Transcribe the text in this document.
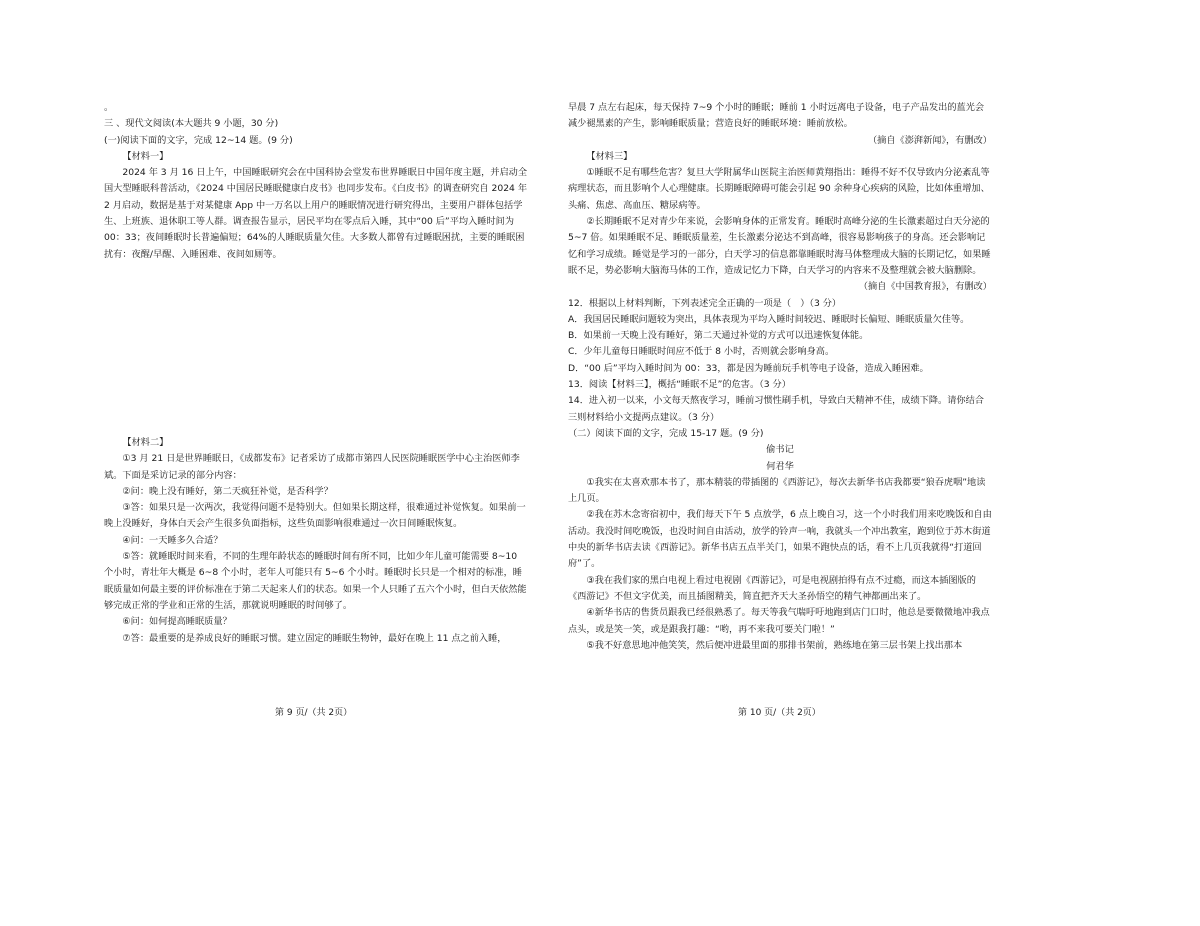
。

三 、现代文阅读(本大题共 9 小题，30 分)

(一)阅读下面的文字，完成 12~14 题。(9 分)

【材料一】

2024 年 3 月 16 日上午，中国睡眠研究会在中国科协会堂发布世界睡眠日中国年度主题，并启动全国大型睡眠科普活动，《2024 中国居民睡眠健康白皮书》也同步发布。《白皮书》的调查研究自 2024 年 2 月启动，数据是基于对某健康 App 中一万名以上用户的睡眠情况进行研究得出，主要用户群体包括学生、上班族、退休职工等人群。调查报告显示，居民平均在零点后入睡，其中“00 后”平均入睡时间为 00：33；夜间睡眠时长普遍偏短；64%的人睡眠质量欠佳。大多数人都曾有过睡眠困扰，主要的睡眠困扰有：夜醒/早醒、入睡困难、夜间如厕等。

【材料二】

①3 月 21 日是世界睡眠日，《成都发布》记者采访了成都市第四人民医院睡眠医学中心主治医师李斌。下面是采访记录的部分内容：

②问：晚上没有睡好，第二天疯狂补觉，是否科学？

③答：如果只是一次两次，我觉得问题不是特别大。但如果长期这样，很难通过补觉恢复。如果前一晚上没睡好，身体白天会产生很多负面指标，这些负面影响很难通过一次日间睡眠恢复。

④问：一天睡多久合适？

⑤答：就睡眠时间来看，不同的生理年龄状态的睡眠时间有所不同，比如少年儿童可能需要 8~10 个小时，青壮年大概是 6~8 个小时，老年人可能只有 5~6 个小时。睡眠时长只是一个相对的标准，睡眠质量如何最主要的评价标准在于第二天起来人们的状态。如果一个人只睡了五六个小时，但白天依然能够完成正常的学业和正常的生活，那就说明睡眠的时间够了。

⑥问：如何提高睡眠质量？

⑦答：最重要的是养成良好的睡眠习惯。建立固定的睡眠生物钟，最好在晚上 11 点之前入睡，

早晨 7 点左右起床，每天保持 7~9 个小时的睡眠；睡前 1 小时远离电子设备，电子产品发出的蓝光会减少褪黑素的产生，影响睡眠质量；营造良好的睡眠环境：睡前放松。

（摘自《澎湃新闻》，有删改）

【材料三】

①睡眠不足有哪些危害？复旦大学附属华山医院主治医师黄翔指出：睡得不好不仅导致内分泌紊乱等病理状态，而且影响个人心理健康。长期睡眠障碍可能会引起 90 余种身心疾病的风险，比如体重增加、头痛、焦虑、高血压、糖尿病等。

②长期睡眠不足对青少年来说，会影响身体的正常发育。睡眠时高峰分泌的生长激素超过白天分泌的 5~7 倍。如果睡眠不足、睡眠质量差，生长激素分泌达不到高峰，很容易影响孩子的身高。还会影响记忆和学习成绩。睡觉是学习的一部分，白天学习的信息都靠睡眠时海马体整理成大脑的长期记忆，如果睡眠不足，势必影响大脑海马体的工作，造成记忆力下降，白天学习的内容来不及整理就会被大脑删除。

（摘自《中国教育报》，有删改）

12．根据以上材料判断，下列表述完全正确的一项是（　）（3 分）

A．我国居民睡眠问题较为突出，具体表现为平均入睡时间较迟、睡眠时长偏短、睡眠质量欠佳等。

B．如果前一天晚上没有睡好，第二天通过补觉的方式可以迅速恢复体能。

C．少年儿童每日睡眠时间应不低于 8 小时，否则就会影响身高。

D．“00 后”平均入睡时间为 00：33，都是因为睡前玩手机等电子设备，造成入睡困难。

13．阅读【材料三】，概括“睡眠不足”的危害。（3 分）

14．进入初一以来，小文每天熬夜学习，睡前习惯性刷手机，导致白天精神不佳，成绩下降。请你结合三则材料给小文提两点建议。（3 分）

（二）阅读下面的文字，完成 15-17 题。(9 分)

偷书记

何君华

①我实在太喜欢那本书了，那本精装的带插图的《西游记》，每次去新华书店我都要“狼吞虎咽”地读上几页。

②我在苏木念寄宿初中，我们每天下午 5 点放学，6 点上晚自习，这一个小时我们用来吃晚饭和自由活动。我没时间吃晚饭，也没时间自由活动，放学的铃声一响，我就头一个冲出教室，跑到位于苏木街道中央的新华书店去读《西游记》。新华书店五点半关门，如果不跑快点的话，看不上几页我就得“打道回府”了。

③我在我们家的黑白电视上看过电视剧《西游记》，可是电视剧拍得有点不过瘾，而这本插图版的《西游记》不但文字优美，而且插图精美，简直把齐天大圣孙悟空的精气神都画出来了。

④新华书店的售货员跟我已经很熟悉了。每天等我气喘吁吁地跑到店门口时，他总是要微微地冲我点点头，或是笑一笑，或是跟我打趣：“哟，再不来我可要关门啦！”

⑤我不好意思地冲他笑笑，然后便冲进最里面的那排书架前，熟练地在第三层书架上找出那本

第 9 页/（共 2页）	第 10 页/（共 2页）
